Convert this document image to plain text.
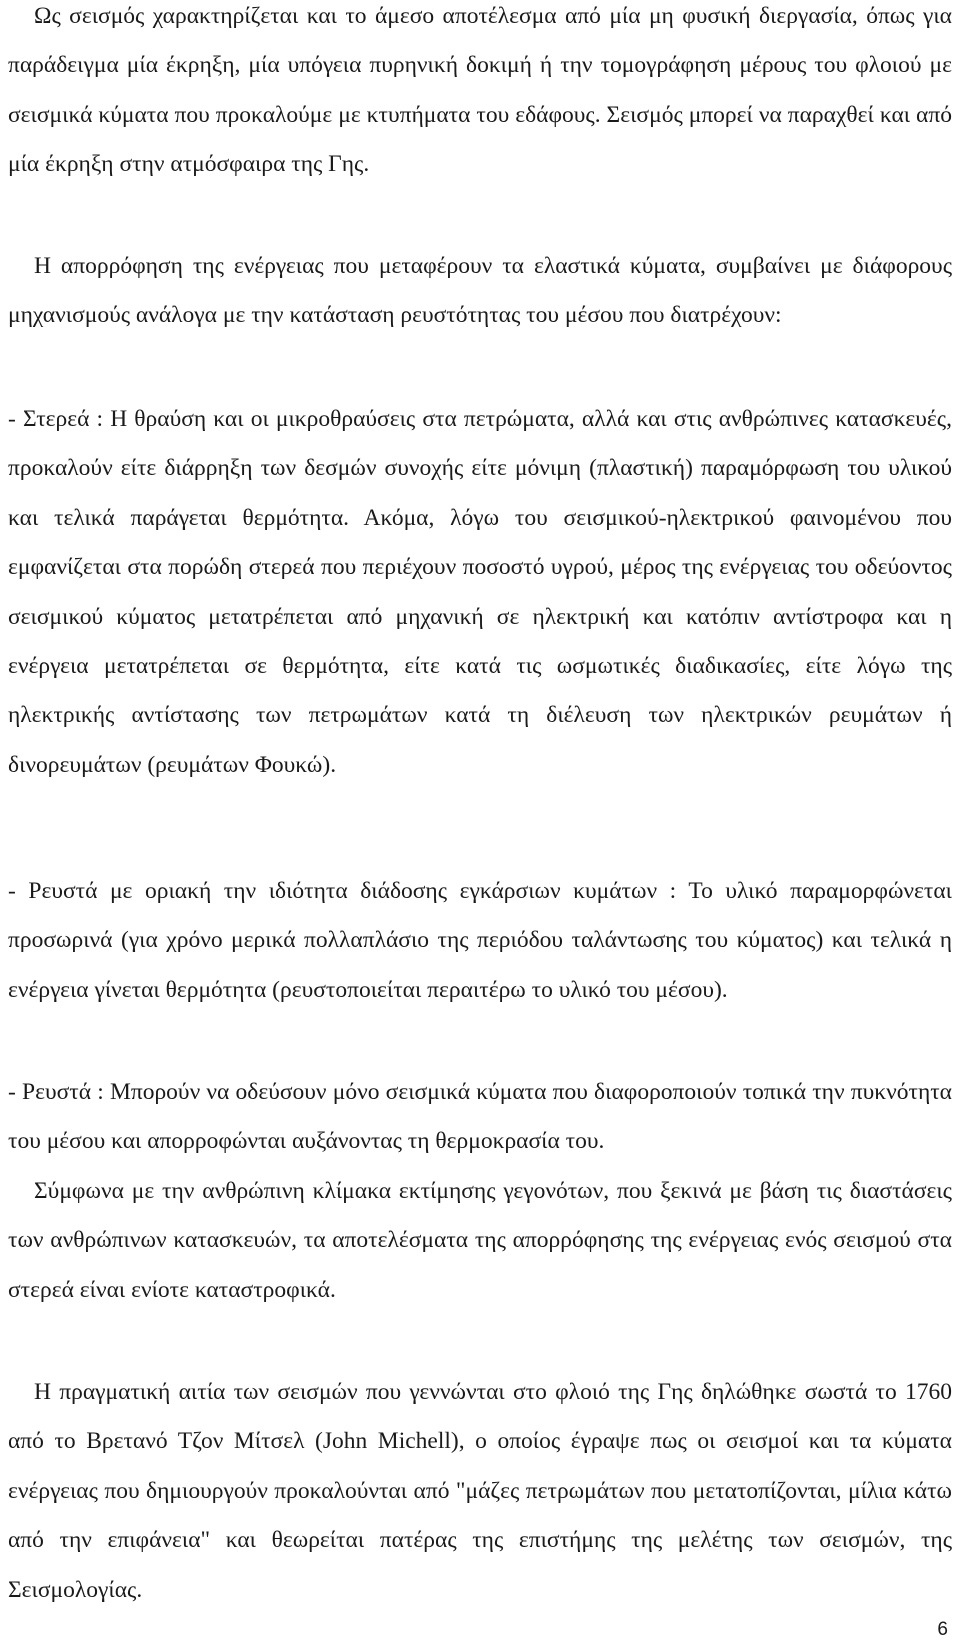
Ως σεισμός χαρακτηρίζεται και το άμεσο αποτέλεσμα από μία μη φυσική διεργασία, όπως για παράδειγμα μία έκρηξη, μία υπόγεια πυρηνική δοκιμή ή την τομογράφηση μέρους του φλοιού με σεισμικά κύματα που προκαλούμε με κτυπήματα του εδάφους. Σεισμός μπορεί να παραχθεί και από μία έκρηξη στην ατμόσφαιρα της Γης.

Η απορρόφηση της ενέργειας που μεταφέρουν τα ελαστικά κύματα, συμβαίνει με διάφορους μηχανισμούς ανάλογα με την κατάσταση ρευστότητας του μέσου που διατρέχουν:

- Στερεά : Η θραύση και οι μικροθραύσεις στα πετρώματα, αλλά και στις ανθρώπινες κατασκευές, προκαλούν είτε διάρρηξη των δεσμών συνοχής είτε μόνιμη (πλαστική) παραμόρφωση του υλικού και τελικά παράγεται θερμότητα. Ακόμα, λόγω του σεισμικού-ηλεκτρικού φαινομένου που εμφανίζεται στα πορώδη στερεά που περιέχουν ποσοστό υγρού, μέρος της ενέργειας του οδεύοντος σεισμικού κύματος μετατρέπεται από μηχανική σε ηλεκτρική και κατόπιν αντίστροφα και η ενέργεια μετατρέπεται σε θερμότητα, είτε κατά τις ωσμωτικές διαδικασίες, είτε λόγω της ηλεκτρικής αντίστασης των πετρωμάτων κατά τη διέλευση των ηλεκτρικών ρευμάτων ή δινορευμάτων (ρευμάτων Φουκώ).

- Ρευστά με οριακή την ιδιότητα διάδοσης εγκάρσιων κυμάτων : Το υλικό παραμορφώνεται προσωρινά (για χρόνο μερικά πολλαπλάσιο της περιόδου ταλάντωσης του κύματος) και τελικά η ενέργεια γίνεται θερμότητα (ρευστοποιείται περαιτέρω το υλικό του μέσου).

- Ρευστά : Μπορούν να οδεύσουν μόνο σεισμικά κύματα που διαφοροποιούν τοπικά την πυκνότητα του μέσου και απορροφώνται αυξάνοντας τη θερμοκρασία του.

Σύμφωνα με την ανθρώπινη κλίμακα εκτίμησης γεγονότων, που ξεκινά με βάση τις διαστάσεις των ανθρώπινων κατασκευών, τα αποτελέσματα της απορρόφησης της ενέργειας ενός σεισμού στα στερεά είναι ενίοτε καταστροφικά.

Η πραγματική αιτία των σεισμών που γεννώνται στο φλοιό της Γης δηλώθηκε σωστά το 1760 από το Βρετανό Τζον Μίτσελ (John Michell), ο οποίος έγραψε πως οι σεισμοί και τα κύματα ενέργειας που δημιουργούν προκαλούνται από "μάζες πετρωμάτων που μετατοπίζονται, μίλια κάτω από την επιφάνεια" και θεωρείται πατέρας της επιστήμης της μελέτης των σεισμών, της Σεισμολογίας.

6
